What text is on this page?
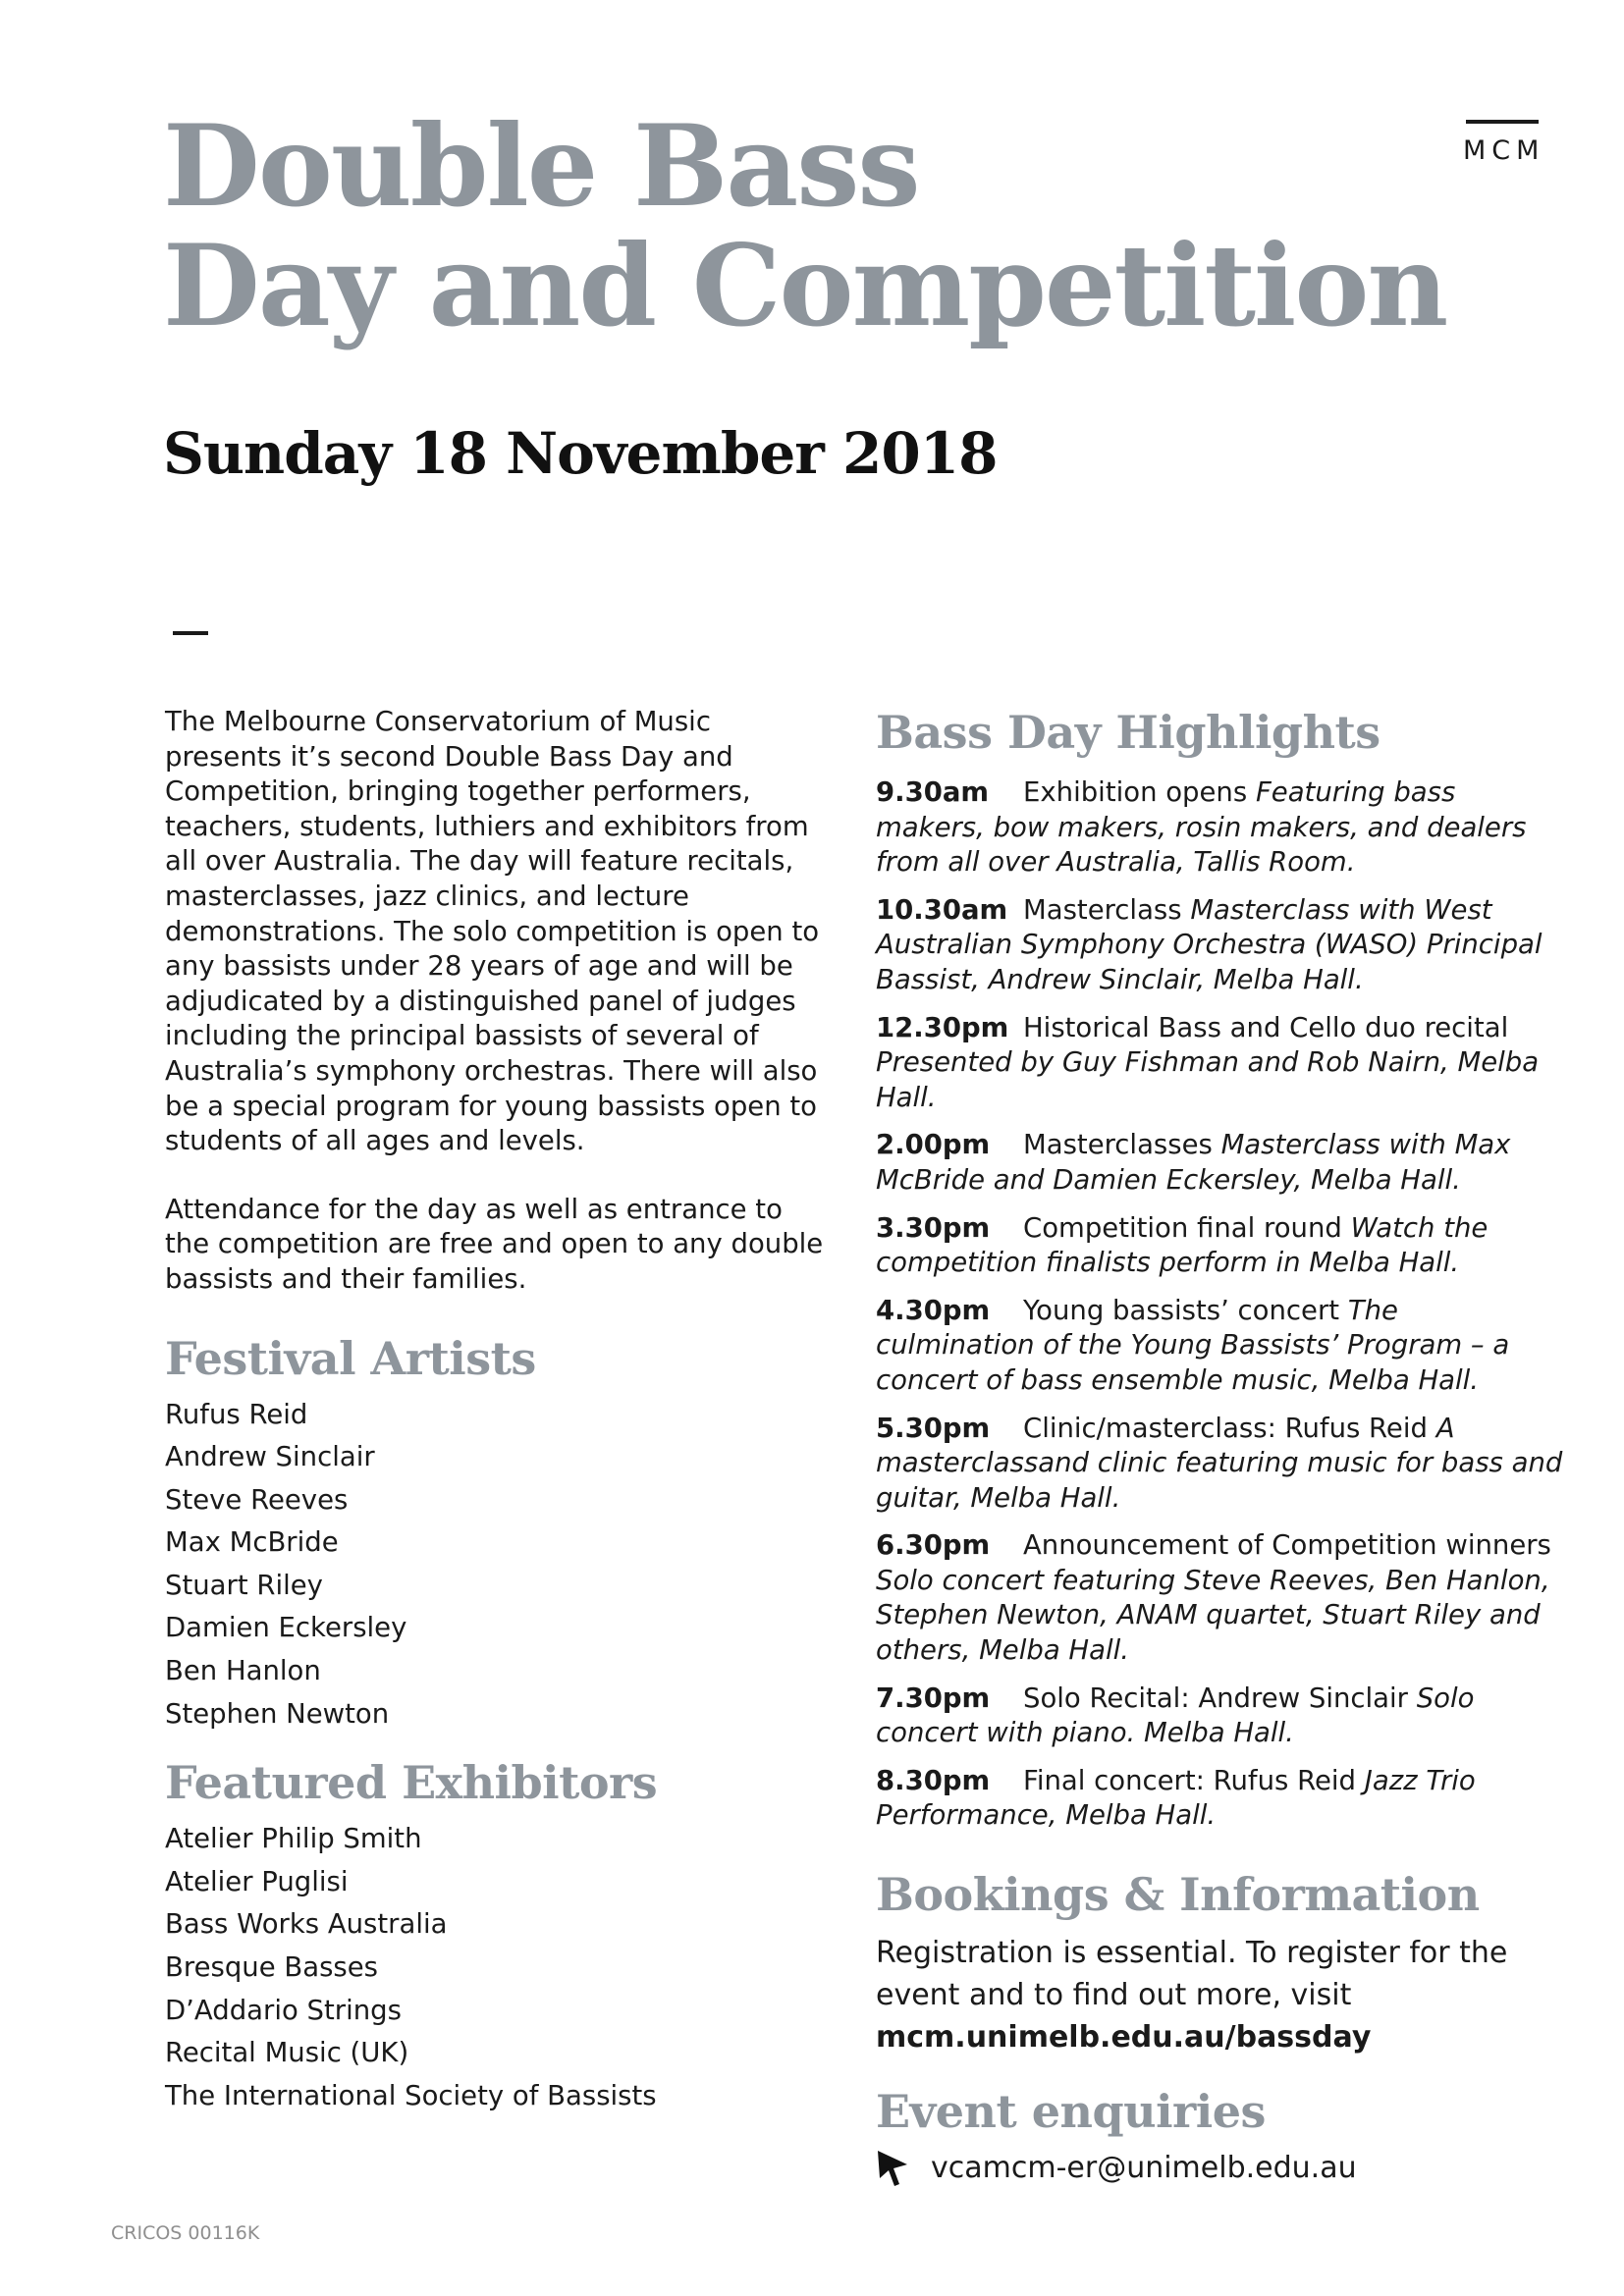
Double Bass
Day and Competition
MCM
Sunday 18 November 2018

The Melbourne Conservatorium of Music presents it’s second Double Bass Day and Competition, bringing together performers, teachers, students, luthiers and exhibitors from all over Australia. The day will feature recitals, masterclasses, jazz clinics, and lecture demonstrations. The solo competition is open to any bassists under 28 years of age and will be adjudicated by a distinguished panel of judges including the principal bassists of several of Australia’s symphony orchestras. There will also be a special program for young bassists open to students of all ages and levels.

Attendance for the day as well as entrance to the competition are free and open to any double bassists and their families.

Festival Artists
Rufus Reid
Andrew Sinclair
Steve Reeves
Max McBride
Stuart Riley
Damien Eckersley
Ben Hanlon
Stephen Newton
Featured Exhibitors
Atelier Philip Smith
Atelier Puglisi
Bass Works Australia
Bresque Basses
D’Addario Strings
Recital Music (UK)
The International Society of Bassists
Bass Day Highlights
9.30am Exhibition opens Featuring bass makers, bow makers, rosin makers, and dealers from all over Australia, Tallis Room.
10.30am Masterclass Masterclass with West Australian Symphony Orchestra (WASO) Principal Bassist, Andrew Sinclair, Melba Hall.
12.30pm Historical Bass and Cello duo recital Presented by Guy Fishman and Rob Nairn, Melba Hall.
2.00pm Masterclasses Masterclass with Max McBride and Damien Eckersley, Melba Hall.
3.30pm Competition final round Watch the competition finalists perform in Melba Hall.
4.30pm Young bassists’ concert The culmination of the Young Bassists’ Program – a concert of bass ensemble music, Melba Hall.
5.30pm Clinic/masterclass: Rufus Reid A masterclassand clinic featuring music for bass and guitar, Melba Hall.
6.30pm Announcement of Competition winners Solo concert featuring Steve Reeves, Ben Hanlon, Stephen Newton, ANAM quartet, Stuart Riley and others, Melba Hall.
7.30pm Solo Recital: Andrew Sinclair Solo concert with piano. Melba Hall.
8.30pm Final concert: Rufus Reid Jazz Trio Performance, Melba Hall.
Bookings & Information
Registration is essential. To register for the event and to find out more, visit
mcm.unimelb.edu.au/bassday
Event enquiries
vcamcm-er@unimelb.edu.au
CRICOS 00116K
